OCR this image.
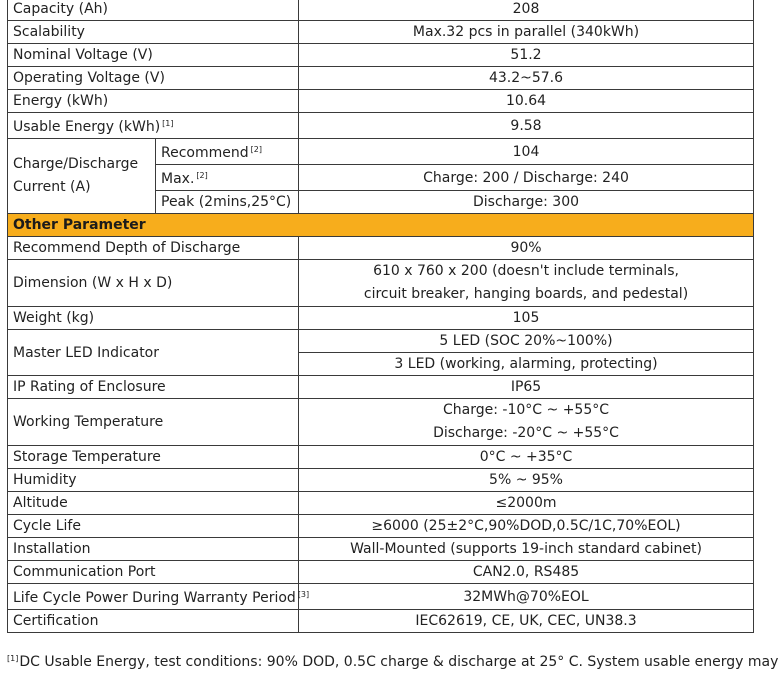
Capacity (Ah)		208
Scalability		Max.32 pcs in parallel (340kWh)
Nominal Voltage (V)		51.2
Operating Voltage (V)		43.2~57.6
Energy (kWh)		10.64
Usable Energy (kWh) [1]		9.58

Charge/Discharge
Current (A)	Recommend [2]	104
	Max. [2]	Charge: 200 / Discharge: 240
	Peak (2mins,25°C)	Discharge: 300
Other Parameter		
Recommend Depth of Discharge		90%
Dimension (W x H x D)		610 x 760 x 200 (doesn't include terminals,
circuit breaker, hanging boards, and pedestal)

Weight (kg)		105
Master LED Indicator		5 LED (SOC 20%~100%)
		3 LED (working, alarming, protecting)
IP Rating of Enclosure		IP65
Working Temperature		Charge: -10°C ~ +55°C
Discharge: -20°C ~ +55°C

Storage Temperature		0°C ~ +35°C
Humidity		5% ~ 95%
Altitude		≤2000m
Cycle Life		≥6000 (25±2°C,90%DOD,0.5C/1C,70%EOL)
Installation		Wall-Mounted (supports 19-inch standard cabinet)
Communication Port		CAN2.0, RS485
Life Cycle Power During Warranty Period [3]		32MWh@70%EOL
Certification		IEC62619, CE, UK, CEC, UN38.3
[1]DC Usable Energy, test conditions: 90% DOD, 0.5C charge & discharge at 25° C. System usable energy may
